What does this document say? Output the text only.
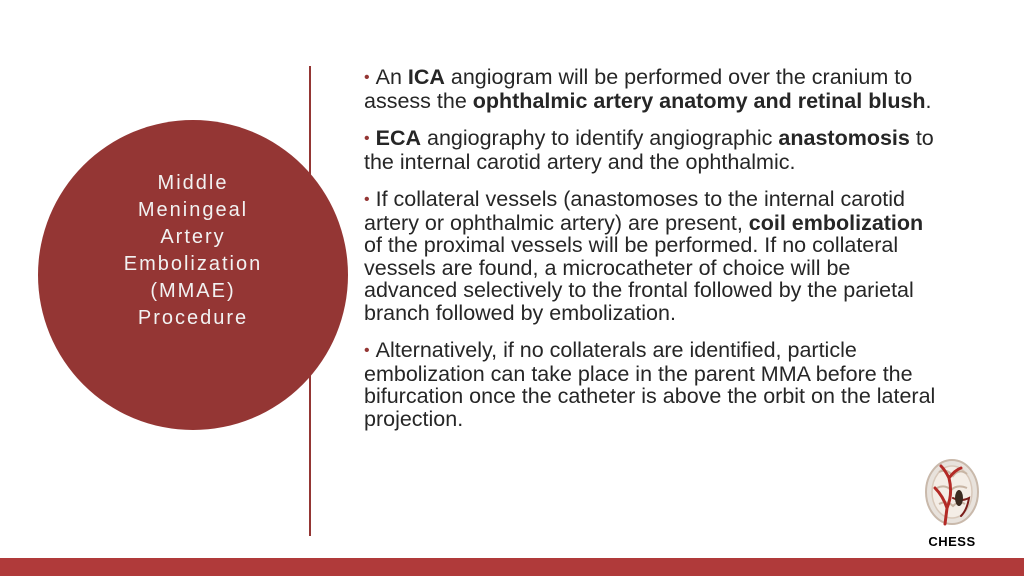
Middle
Meningeal
Artery
Embolization
(MMAE)
Procedure
• An ICA angiogram will be performed over the cranium to assess the ophthalmic artery anatomy and retinal blush.
• ECA angiography to identify angiographic anastomosis to the internal carotid artery and the ophthalmic.
• If collateral vessels (anastomoses to the internal carotid artery or ophthalmic artery) are present, coil embolization of the proximal vessels will be performed. If no collateral vessels are found, a microcatheter of choice will be advanced selectively to the frontal followed by the parietal branch followed by embolization.
• Alternatively, if no collaterals are identified, particle embolization can take place in the parent MMA before the bifurcation once the catheter is above the orbit on the lateral projection.
CHESS
